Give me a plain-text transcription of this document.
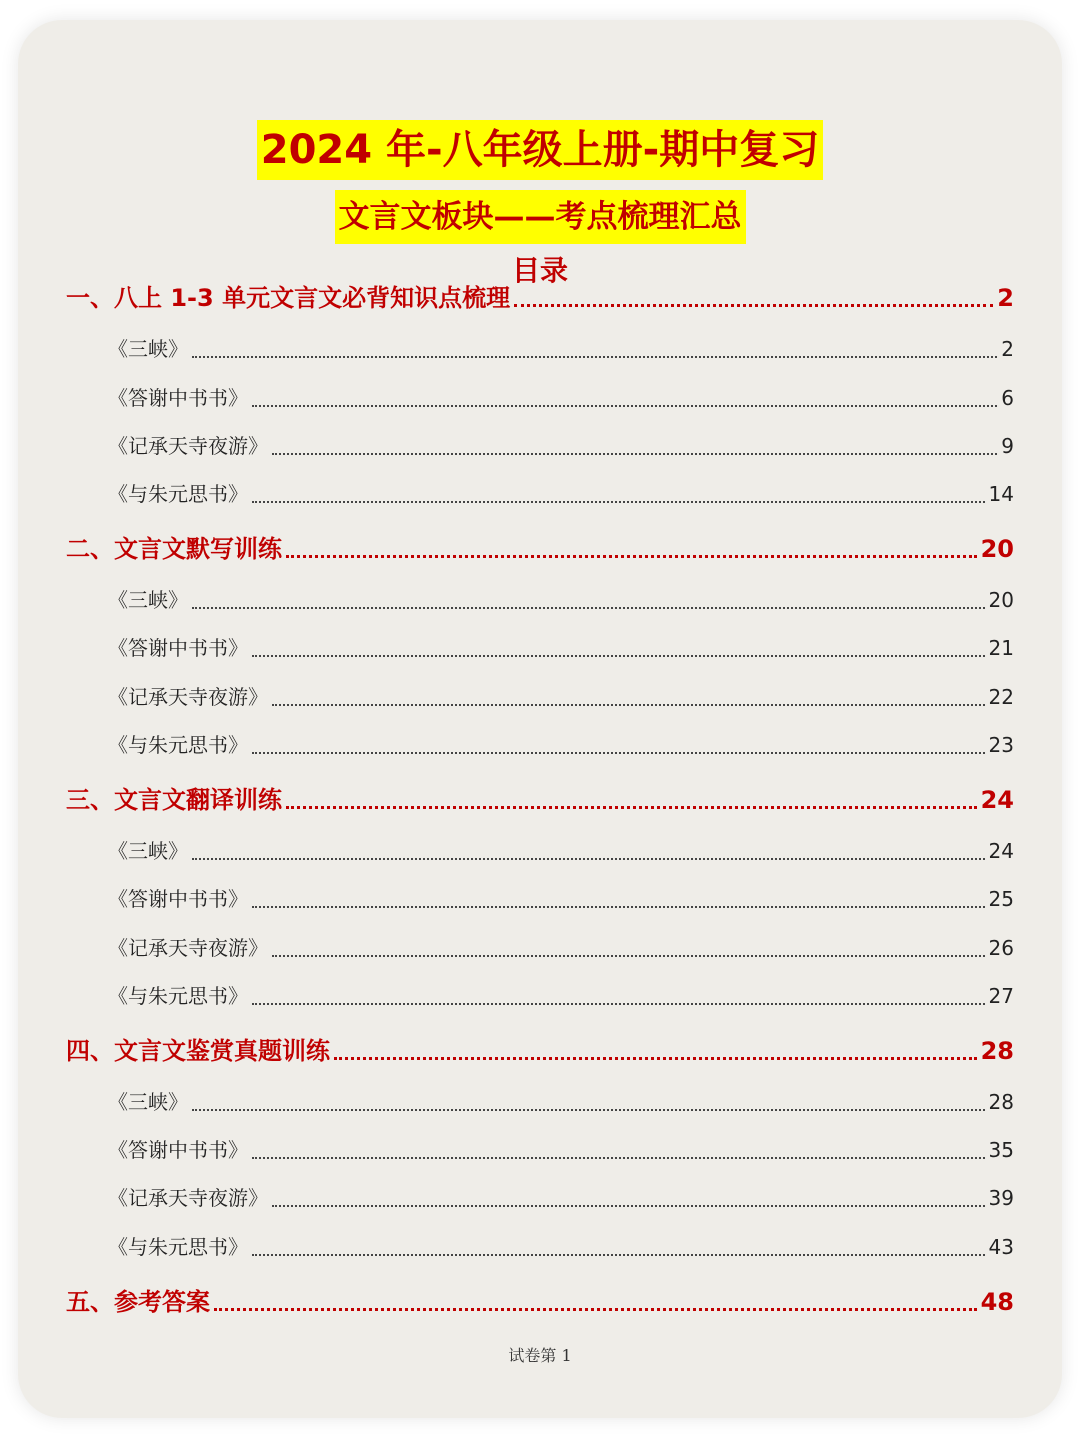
2024 年-八年级上册-期中复习
文言文板块——考点梳理汇总
目录
一、八上 1-3 单元文言文必背知识点梳理	2
《三峡》	2
《答谢中书书》	6
《记承天寺夜游》	9
《与朱元思书》	14
二、文言文默写训练	20
《三峡》	20
《答谢中书书》	21
《记承天寺夜游》	22
《与朱元思书》	23
三、文言文翻译训练	24
《三峡》	24
《答谢中书书》	25
《记承天寺夜游》	26
《与朱元思书》	27
四、文言文鉴赏真题训练	28
《三峡》	28
《答谢中书书》	35
《记承天寺夜游》	39
《与朱元思书》	43
五、参考答案	48
试卷第 1
